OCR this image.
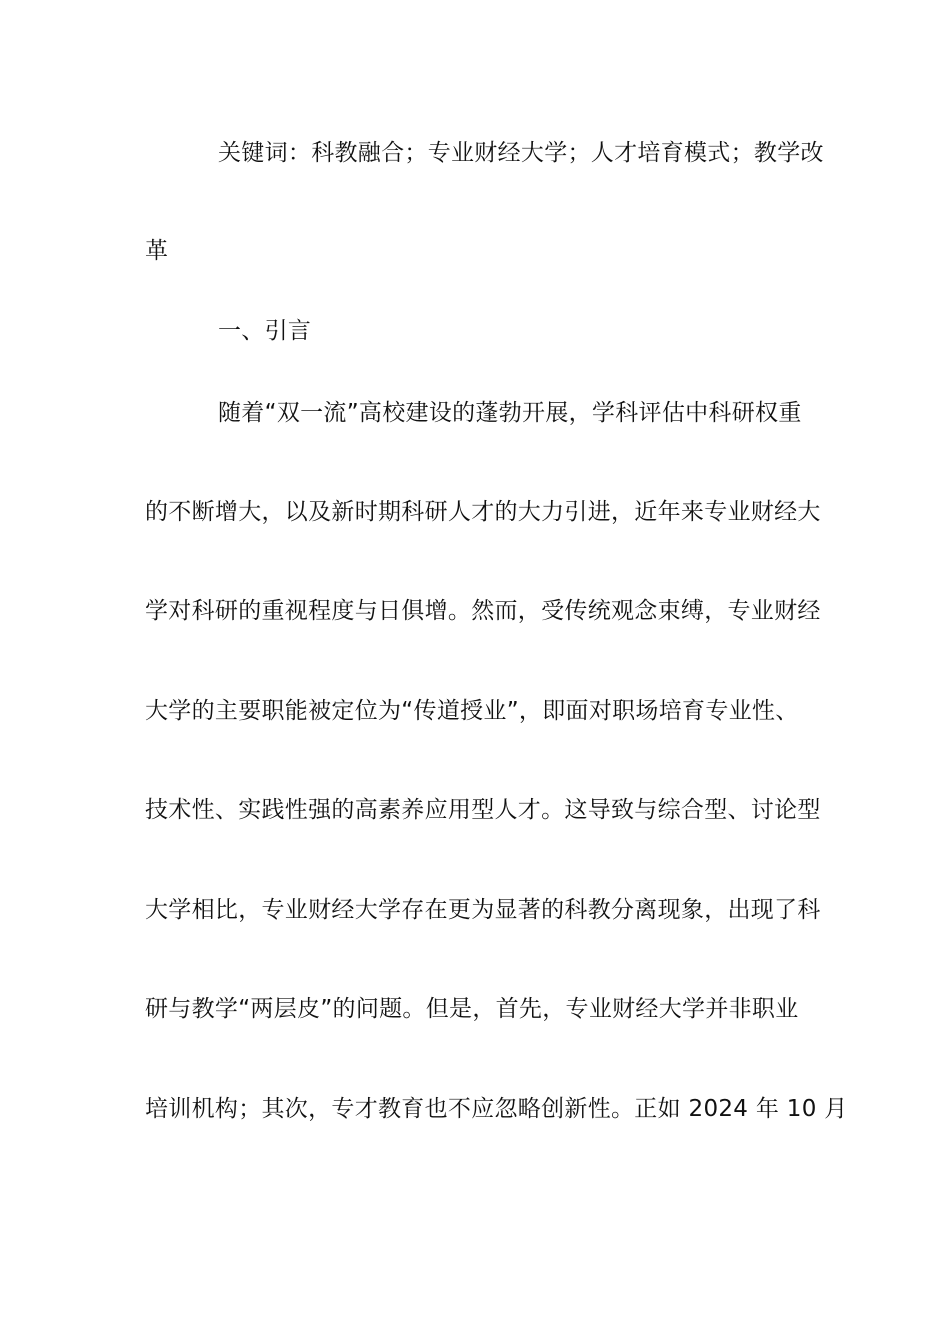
关键词：科教融合；专业财经大学；人才培育模式；教学改
革
一、引言
随着“双一流”高校建设的蓬勃开展，学科评估中科研权重
的不断增大，以及新时期科研人才的大力引进，近年来专业财经大
学对科研的重视程度与日俱增。然而，受传统观念束缚，专业财经
大学的主要职能被定位为“传道授业”，即面对职场培育专业性、
技术性、实践性强的高素养应用型人才。这导致与综合型、讨论型
大学相比，专业财经大学存在更为显著的科教分离现象，出现了科
研与教学“两层皮”的问题。但是，首先，专业财经大学并非职业
培训机构；其次，专才教育也不应忽略创新性。正如 2024 年 10 月
